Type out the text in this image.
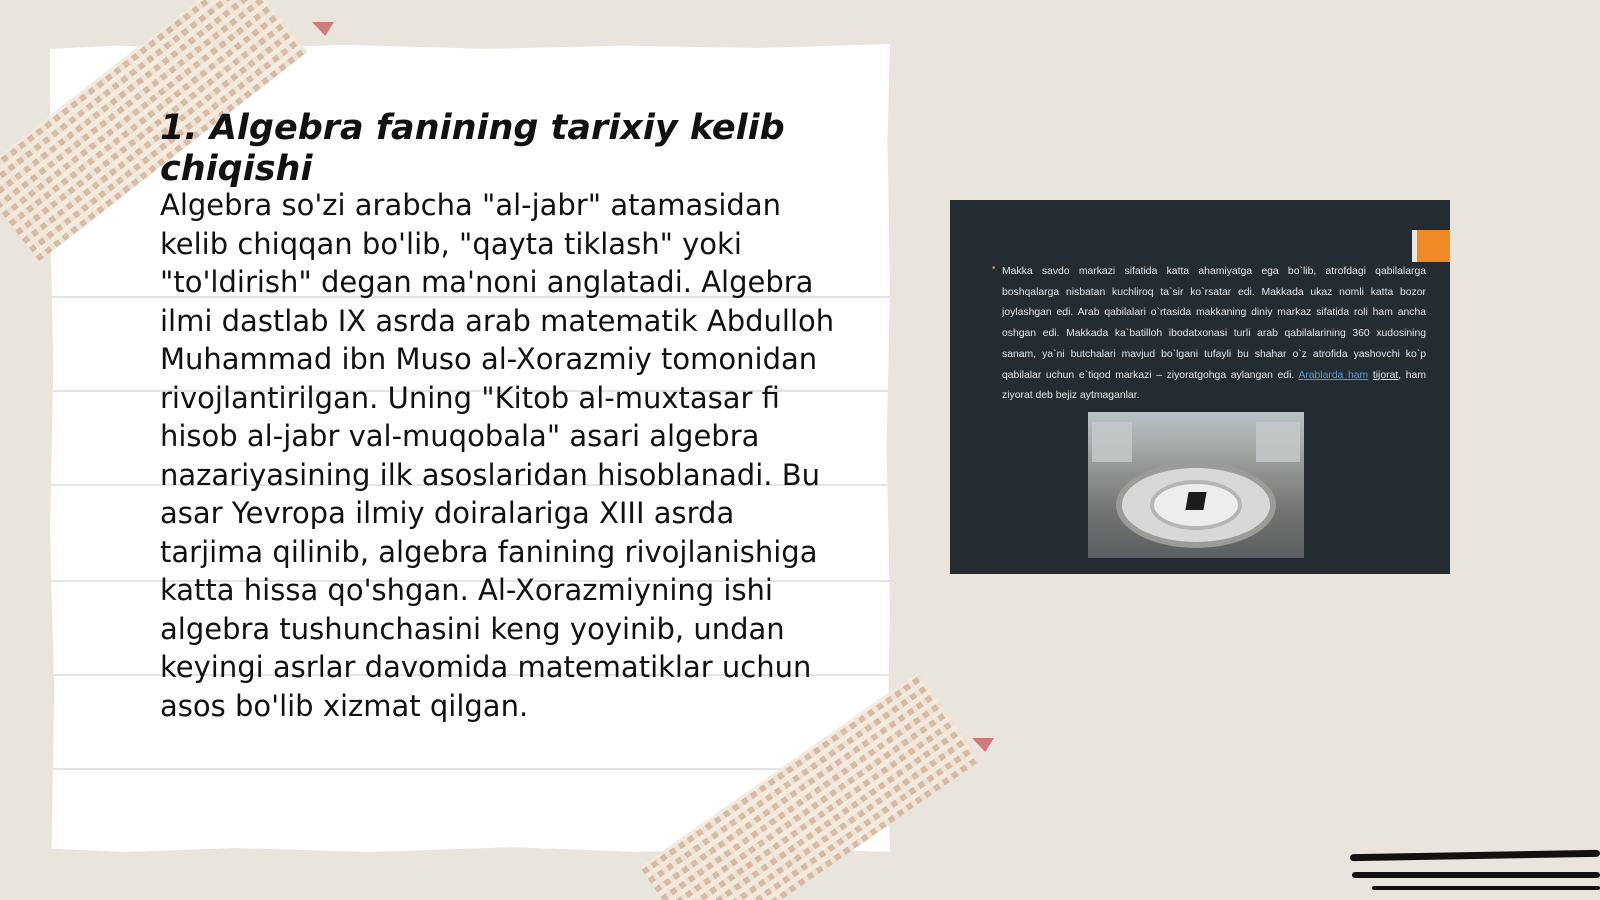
1. Algebra fanining tarixiy kelib chiqishi
Algebra so'zi arabcha "al-jabr" atamasidan kelib chiqqan bo'lib, "qayta tiklash" yoki "to'ldirish" degan ma'noni anglatadi. Algebra ilmi dastlab IX asrda arab matematik Abdulloh Muhammad ibn Muso al-Xorazmiy tomonidan rivojlantirilgan. Uning "Kitob al-muxtasar fi hisob al-jabr val-muqobala" asari algebra nazariyasining ilk asoslaridan hisoblanadi. Bu asar Yevropa ilmiy doiralariga XIII asrda tarjima qilinib, algebra fanining rivojlanishiga katta hissa qo'shgan. Al-Xorazmiyning ishi algebra tushunchasini keng yoyinib, undan keyingi asrlar davomida matematiklar uchun asos bo'lib xizmat qilgan.
• Makka savdo markazi sifatida katta ahamiyatga ega bo`lib, atrofdagi qabilalarga boshqalarga nisbatan kuchliroq ta`sir ko`rsatar edi. Makkada ukaz nomli katta bozor joylashgan edi. Arab qabilalari o`rtasida makkaning diniy markaz sifatida roli ham ancha oshgan edi. Makkada ka`batilloh ibodatxonasi turli arab qabilalarining 360 xudosining sanam, ya`ni butchalari mavjud bo`lgani tufayli bu shahar o`z atrofida yashovchi ko`p qabilalar uchun e`tiqod markazi – ziyoratgohga aylangan edi. Arablarda ham tijorat, ham ziyorat deb bejiz aytmaganlar.
